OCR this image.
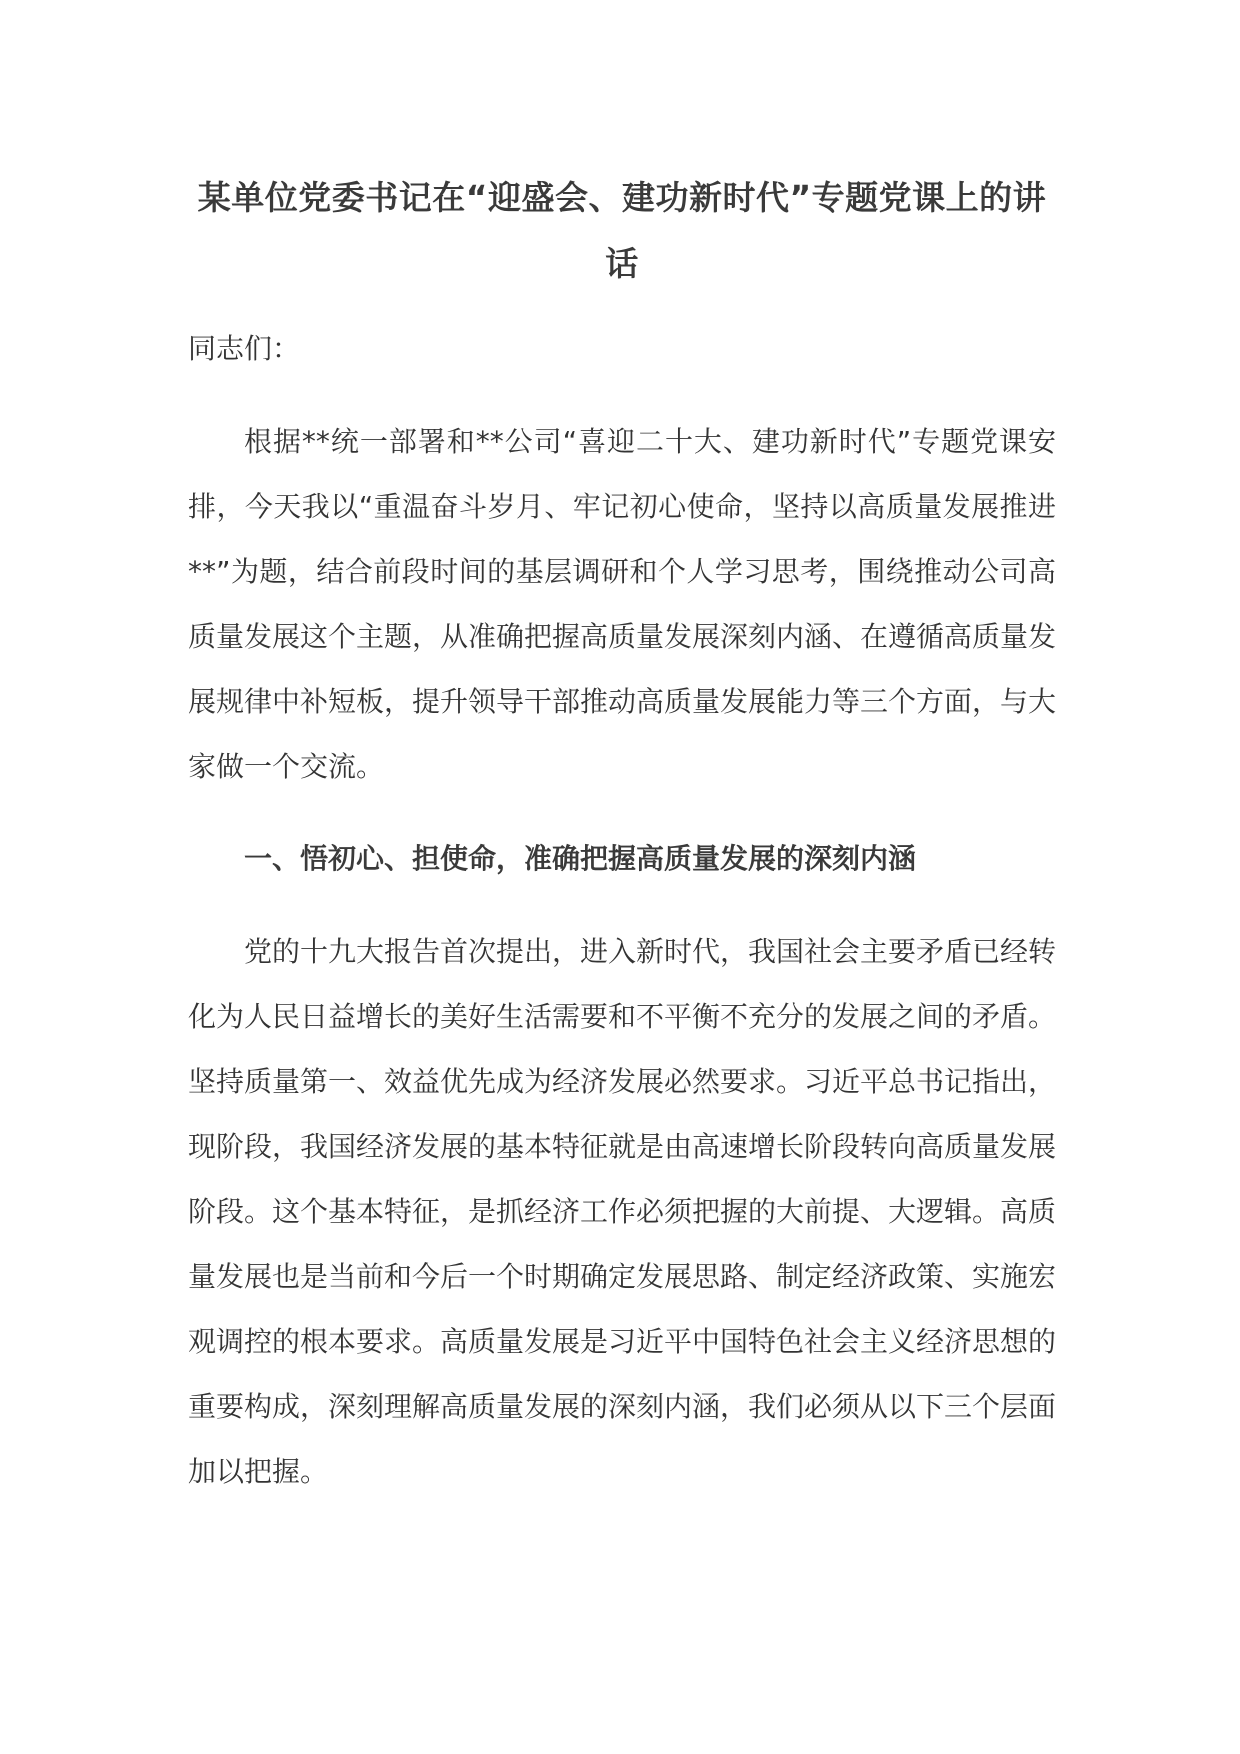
某单位党委书记在“迎盛会、建功新时代”专题党课上的讲话

同志们：

根据**统一部署和**公司“喜迎二十大、建功新时代”专题党课安排，今天我以“重温奋斗岁月、牢记初心使命，坚持以高质量发展推进**”为题，结合前段时间的基层调研和个人学习思考，围绕推动公司高质量发展这个主题，从准确把握高质量发展深刻内涵、在遵循高质量发展规律中补短板，提升领导干部推动高质量发展能力等三个方面，与大家做一个交流。

一、悟初心、担使命，准确把握高质量发展的深刻内涵

党的十九大报告首次提出，进入新时代，我国社会主要矛盾已经转化为人民日益增长的美好生活需要和不平衡不充分的发展之间的矛盾。坚持质量第一、效益优先成为经济发展必然要求。习近平总书记指出，现阶段，我国经济发展的基本特征就是由高速增长阶段转向高质量发展阶段。这个基本特征，是抓经济工作必须把握的大前提、大逻辑。高质量发展也是当前和今后一个时期确定发展思路、制定经济政策、实施宏观调控的根本要求。高质量发展是习近平中国特色社会主义经济思想的重要构成，深刻理解高质量发展的深刻内涵，我们必须从以下三个层面加以把握。
